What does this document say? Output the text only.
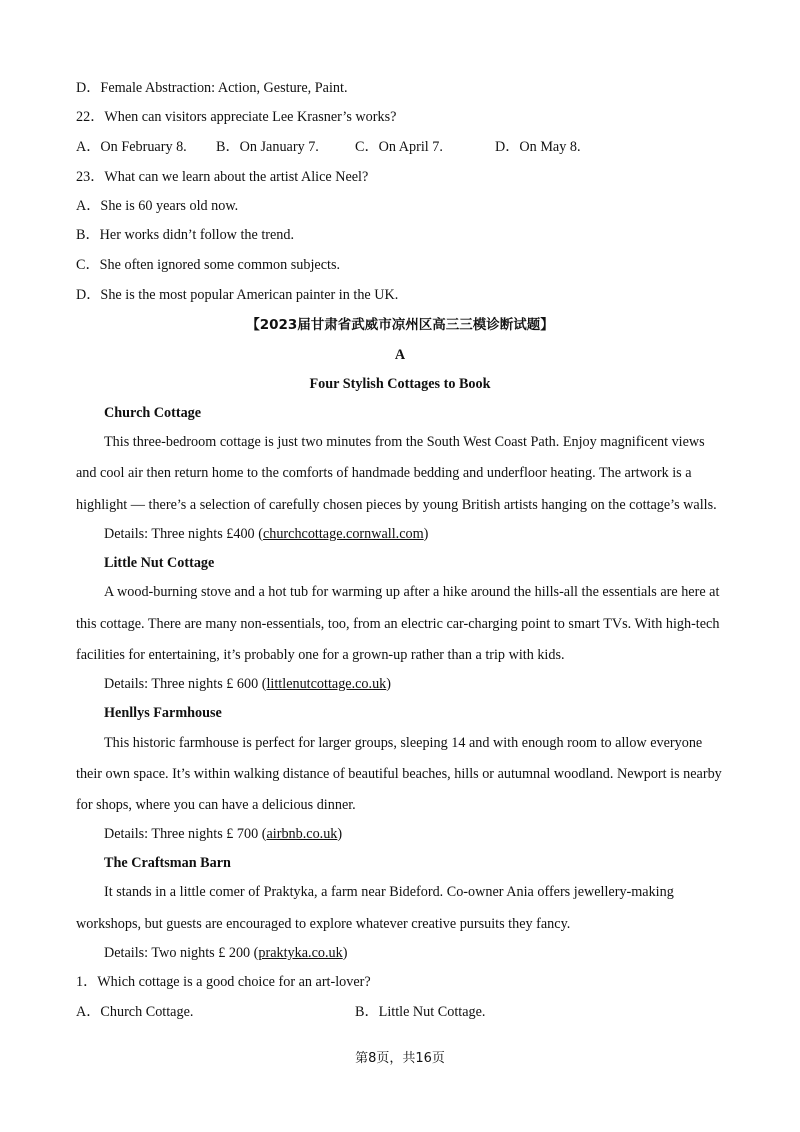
D．Female Abstraction: Action, Gesture, Paint.
22．When can visitors appreciate Lee Krasner’s works?
A．On February 8.	B．On January 7.	C．On April 7.	D．On May 8.
23．What can we learn about the artist Alice Neel?
A．She is 60 years old now.
B．Her works didn’t follow the trend.
C．She often ignored some common subjects.
D．She is the most popular American painter in the UK.
【2023届甘肃省武威市凉州区高三三模诊断试题】
A
Four Stylish Cottages to Book
Church Cottage
This three-bedroom cottage is just two minutes from the South West Coast Path. Enjoy magnificent views
and cool air then return home to the comforts of handmade bedding and underfloor heating. The artwork is a
highlight — there’s a selection of carefully chosen pieces by young British artists hanging on the cottage’s walls.
Details: Three nights £400 (churchcottage.cornwall.com)
Little Nut Cottage
A wood-burning stove and a hot tub for warming up after a hike around the hills-all the essentials are here at
this cottage. There are many non-essentials, too, from an electric car-charging point to smart TVs. With high-tech
facilities for entertaining, it’s probably one for a grown-up rather than a trip with kids.
Details: Three nights £ 600 (littlenutcottage.co.uk)
Henllys Farmhouse
This historic farmhouse is perfect for larger groups, sleeping 14 and with enough room to allow everyone
their own space. It’s within walking distance of beautiful beaches, hills or autumnal woodland. Newport is nearby
for shops, where you can have a delicious dinner.
Details: Three nights £ 700 (airbnb.co.uk)
The Craftsman Barn
It stands in a little comer of Praktyka, a farm near Bideford. Co-owner Ania offers jewellery-making
workshops, but guests are encouraged to explore whatever creative pursuits they fancy.
Details: Two nights £ 200 (praktyka.co.uk)
1．Which cottage is a good choice for an art-lover?
A．Church Cottage.	B．Little Nut Cottage.
第8页，共16页
